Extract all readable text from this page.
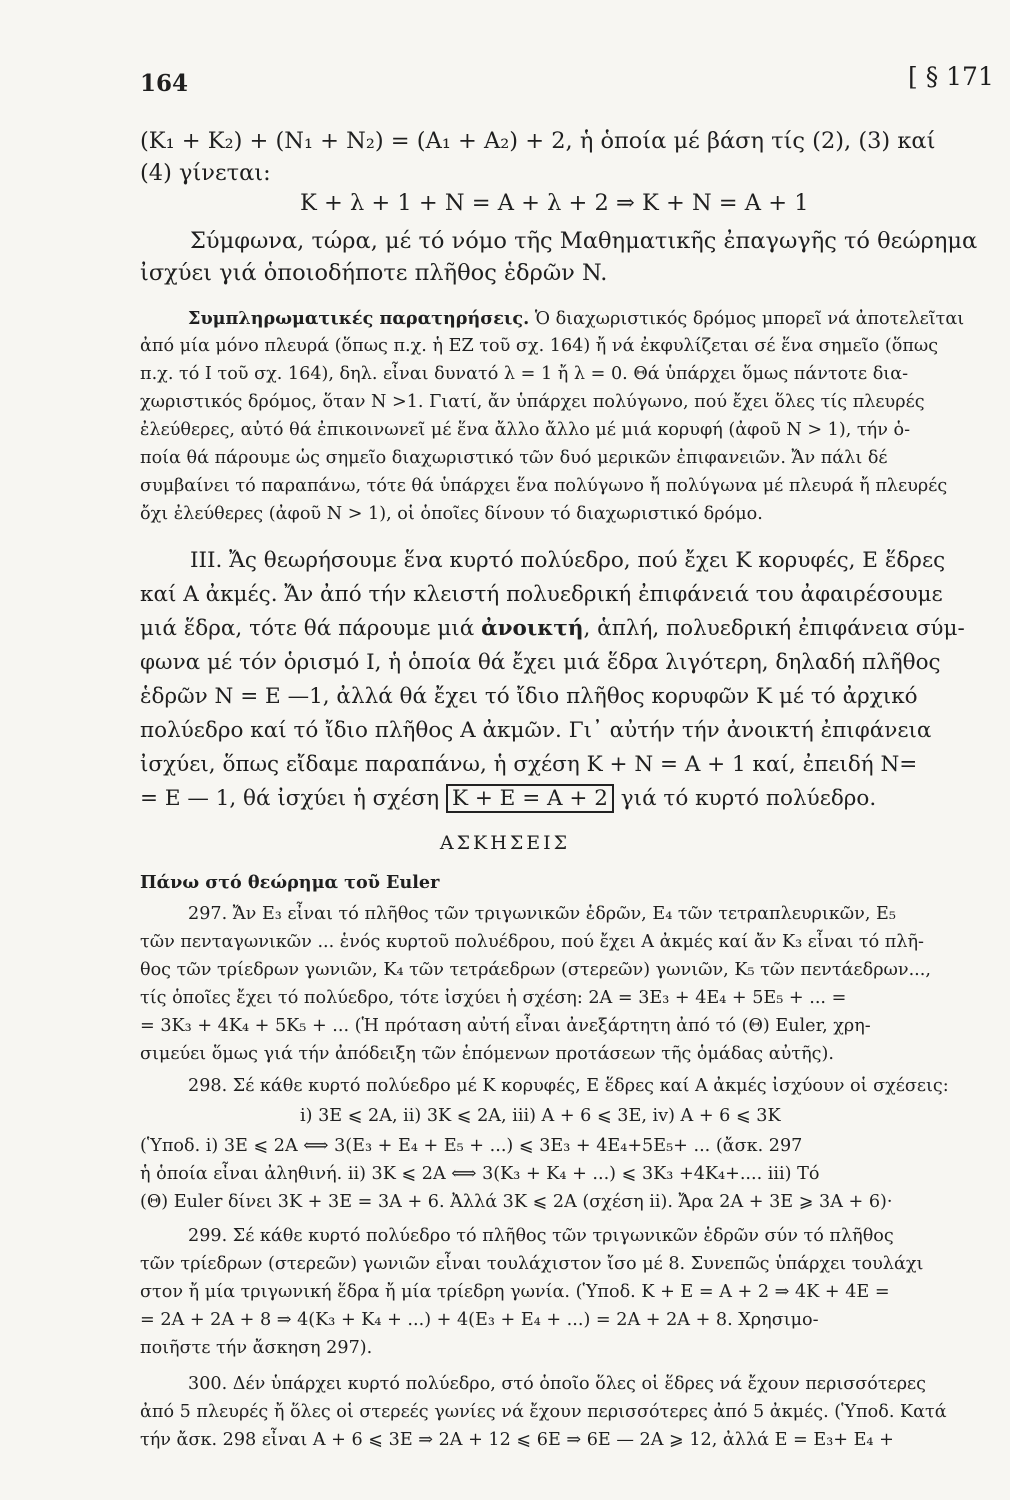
164	[ § 171
(K₁ + K₂) + (N₁ + N₂) = (A₁ + A₂) + 2, ἡ ὁποία μέ βάση τίς (2), (3) καί
(4) γίνεται:
K + λ + 1 + N = A + λ + 2 ⇒ K + N = A + 1
Σύμφωνα, τώρα, μέ τό νόμο τῆς Μαθηματικῆς ἐπαγωγῆς τό θεώρημα
ἰσχύει γιά ὁποιοδήποτε πλῆθος ἑδρῶν N.
Συμπληρωματικές παρατηρήσεις. Ὁ διαχωριστικός δρόμος μπορεῖ νά ἀποτελεῖται
ἀπό μία μόνο πλευρά (ὅπως π.χ. ἡ EZ τοῦ σχ. 164) ἤ νά ἐκφυλίζεται σέ ἕνα σημεῖο (ὅπως
π.χ. τό I τοῦ σχ. 164), δηλ. εἶναι δυνατό λ = 1 ἤ λ = 0. Θά ὑπάρχει ὅμως πάντοτε δια-
χωριστικός δρόμος, ὅταν N >1. Γιατί, ἄν ὑπάρχει πολύγωνο, πού ἔχει ὅλες τίς πλευρές
ἐλεύθερες, αὐτό θά ἐπικοινωνεῖ μέ ἕνα ἄλλο ἄλλο μέ μιά κορυφή (ἀφοῦ N > 1), τήν ὁ-
ποία θά πάρουμε ὡς σημεῖο διαχωριστικό τῶν δυό μερικῶν ἐπιφανειῶν. Ἄν πάλι δέ
συμβαίνει τό παραπάνω, τότε θά ὑπάρχει ἕνα πολύγωνο ἤ πολύγωνα μέ πλευρά ἤ πλευρές
ὄχι ἐλεύθερες (ἀφοῦ N > 1), οἱ ὁποῖες δίνουν τό διαχωριστικό δρόμο.
III. Ἄς θεωρήσουμε ἕνα κυρτό πολύεδρο, πού ἔχει K κορυφές, E ἕδρες
καί A ἀκμές. Ἄν ἀπό τήν κλειστή πολυεδρική ἐπιφάνειά του ἀφαιρέσουμε
μιά ἕδρα, τότε θά πάρουμε μιά ἀνοικτή, ἁπλή, πολυεδρική ἐπιφάνεια σύμ-
φωνα μέ τόν ὁρισμό I, ἡ ὁποία θά ἔχει μιά ἕδρα λιγότερη, δηλαδή πλῆθος
ἑδρῶν N = E —1, ἀλλά θά ἔχει τό ἴδιο πλῆθος κορυφῶν K μέ τό ἀρχικό
πολύεδρο καί τό ἴδιο πλῆθος A ἀκμῶν. Γι᾽ αὐτήν τήν ἀνοικτή ἐπιφάνεια
ἰσχύει, ὅπως εἴδαμε παραπάνω, ἡ σχέση K + N = A + 1 καί, ἐπειδή N=
= E — 1, θά ἰσχύει ἡ σχέση K + E = A + 2 γιά τό κυρτό πολύεδρο.
ΑΣΚΗΣΕΙΣ
Πάνω στό θεώρημα τοῦ Euler
297. Ἄν E₃ εἶναι τό πλῆθος τῶν τριγωνικῶν ἑδρῶν, E₄ τῶν τετραπλευρικῶν, E₅
τῶν πενταγωνικῶν ... ἑνός κυρτοῦ πολυέδρου, πού ἔχει A ἀκμές καί ἄν K₃ εἶναι τό πλῆ-
θος τῶν τρίεδρων γωνιῶν, K₄ τῶν τετράεδρων (στερεῶν) γωνιῶν, K₅ τῶν πεντάεδρων...,
τίς ὁποῖες ἔχει τό πολύεδρο, τότε ἰσχύει ἡ σχέση: 2A = 3E₃ + 4E₄ + 5E₅ + ... =
= 3K₃ + 4K₄ + 5K₅ + ... (Ἡ πρόταση αὐτή εἶναι ἀνεξάρτητη ἀπό τό (Θ) Euler, χρη-
σιμεύει ὅμως γιά τήν ἀπόδειξη τῶν ἑπόμενων προτάσεων τῆς ὁμάδας αὐτῆς).
298. Σέ κάθε κυρτό πολύεδρο μέ K κορυφές, E ἕδρες καί A ἀκμές ἰσχύουν οἱ σχέσεις:
i) 3E ⩽ 2A, ii) 3K ⩽ 2A, iii) A + 6 ⩽ 3E, iv) A + 6 ⩽ 3K
(Ὑποδ. i) 3E ⩽ 2A ⟺ 3(E₃ + E₄ + E₅ + ...) ⩽ 3E₃ + 4E₄+5E₅+ ... (ἄσκ. 297
ἡ ὁποία εἶναι ἀληθινή. ii) 3K ⩽ 2A ⟺ 3(K₃ + K₄ + ...) ⩽ 3K₃ +4K₄+.... iii) Τό
(Θ) Euler δίνει 3K + 3E = 3A + 6. Ἀλλά 3K ⩽ 2A (σχέση ii). Ἄρα 2A + 3E ⩾ 3A + 6)·
299. Σέ κάθε κυρτό πολύεδρο τό πλῆθος τῶν τριγωνικῶν ἑδρῶν σύν τό πλῆθος
τῶν τρίεδρων (στερεῶν) γωνιῶν εἶναι τουλάχιστον ἴσο μέ 8. Συνεπῶς ὑπάρχει τουλάχι
στον ἤ μία τριγωνική ἕδρα ἤ μία τρίεδρη γωνία. (Ὑποδ. K + E = A + 2 ⇒ 4K + 4E =
= 2A + 2A + 8 ⇒ 4(K₃ + K₄ + ...) + 4(E₃ + E₄ + ...) = 2A + 2A + 8. Χρησιμο-
ποιῆστε τήν ἄσκηση 297).
300. Δέν ὑπάρχει κυρτό πολύεδρο, στό ὁποῖο ὅλες οἱ ἕδρες νά ἔχουν περισσότερες
ἀπό 5 πλευρές ἤ ὅλες οἱ στερεές γωνίες νά ἔχουν περισσότερες ἀπό 5 ἀκμές. (Ὑποδ. Κατά
τήν ἄσκ. 298 εἶναι A + 6 ⩽ 3E ⇒ 2A + 12 ⩽ 6E ⇒ 6E — 2A ⩾ 12, ἀλλά E = E₃+ E₄ +
